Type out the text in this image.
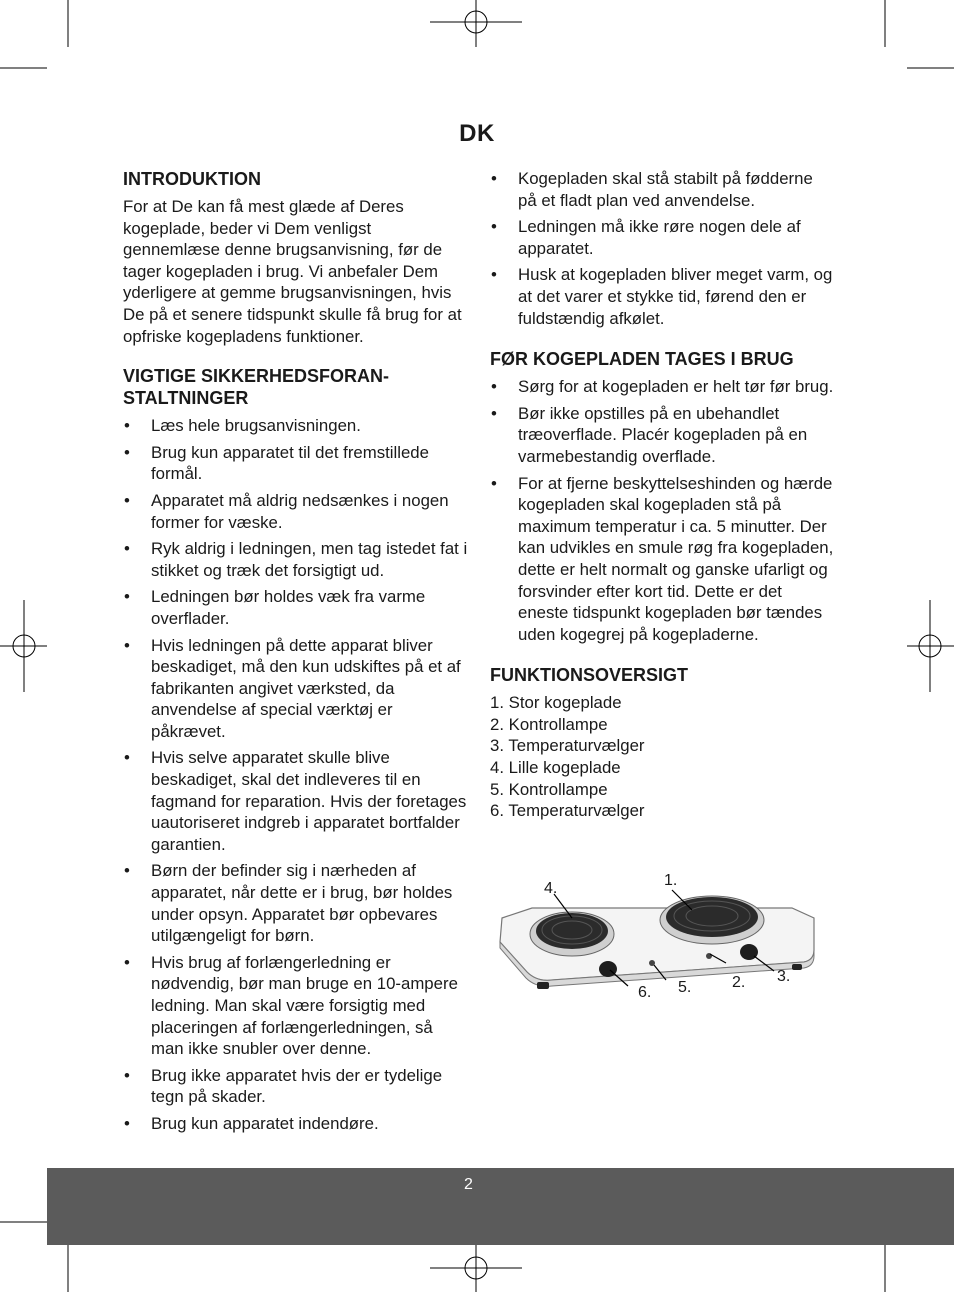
DK
INTRODUKTION

For at De kan få mest glæde af Deres kogeplade, beder vi Dem venligst gennemlæse denne brugsanvisning, før de tager kogepladen i brug. Vi anbefaler Dem yderligere at gemme brugsanvisningen, hvis De på et senere tidspunkt skulle få brug for at opfriske kogepladens funktioner.

VIGTIGE SIKKERHEDSFORAN-
STALTNINGER
• Læs hele brugsanvisningen.
• Brug kun apparatet til det fremstillede formål.
• Apparatet må aldrig nedsænkes i nogen former for væske.
• Ryk aldrig i ledningen, men tag istedet fat i stikket og træk det forsigtigt ud.
• Ledningen bør holdes væk fra varme overflader.
• Hvis ledningen på dette apparat bliver beskadiget, må den kun udskiftes på et af fabrikanten angivet værksted, da anvendelse af special værktøj er påkrævet.
• Hvis selve apparatet skulle blive beskadiget, skal det indleveres til en fagmand for reparation. Hvis der foretages uautoriseret indgreb i apparatet bortfalder garantien.
• Børn der befinder sig i nærheden af apparatet, når dette er i brug, bør holdes under opsyn. Apparatet bør opbevares utilgængeligt for børn.
• Hvis brug af forlængerledning er nødvendig, bør man bruge en 10-ampere ledning. Man skal være forsigtig med placeringen af forlængerledningen, så man ikke snubler over denne.
• Brug ikke apparatet hvis der er tydelige tegn på skader.
• Brug kun apparatet indendøre.
• Kogepladen skal stå stabilt på fødderne på et fladt plan ved anvendelse.
• Ledningen må ikke røre nogen dele af apparatet.
• Husk at kogepladen bliver meget varm, og at det varer et stykke tid, førend den er fuldstændig afkølet.
FØR KOGEPLADEN TAGES I BRUG
• Sørg for at kogepladen er helt tør før brug.
• Bør ikke opstilles på en ubehandlet træoverflade. Placér kogepladen på en varmebestandig overflade.
• For at fjerne beskyttelseshinden og hærde kogepladen skal kogepladen stå på maximum temperatur i ca. 5 minutter. Der kan udvikles en smule røg fra kogepladen, dette er helt normalt og ganske ufarligt og forsvinder efter kort tid. Dette er det eneste tidspunkt kogepladen bør tændes uden kogegrej på kogepladerne.
FUNKTIONSOVERSIGT
1. Stor kogeplade
2. Kontrollampe
3. Temperaturvælger
4. Lille kogeplade
5. Kontrollampe
6. Temperaturvælger
1.
2. 3.
4.
5.
6.
2
